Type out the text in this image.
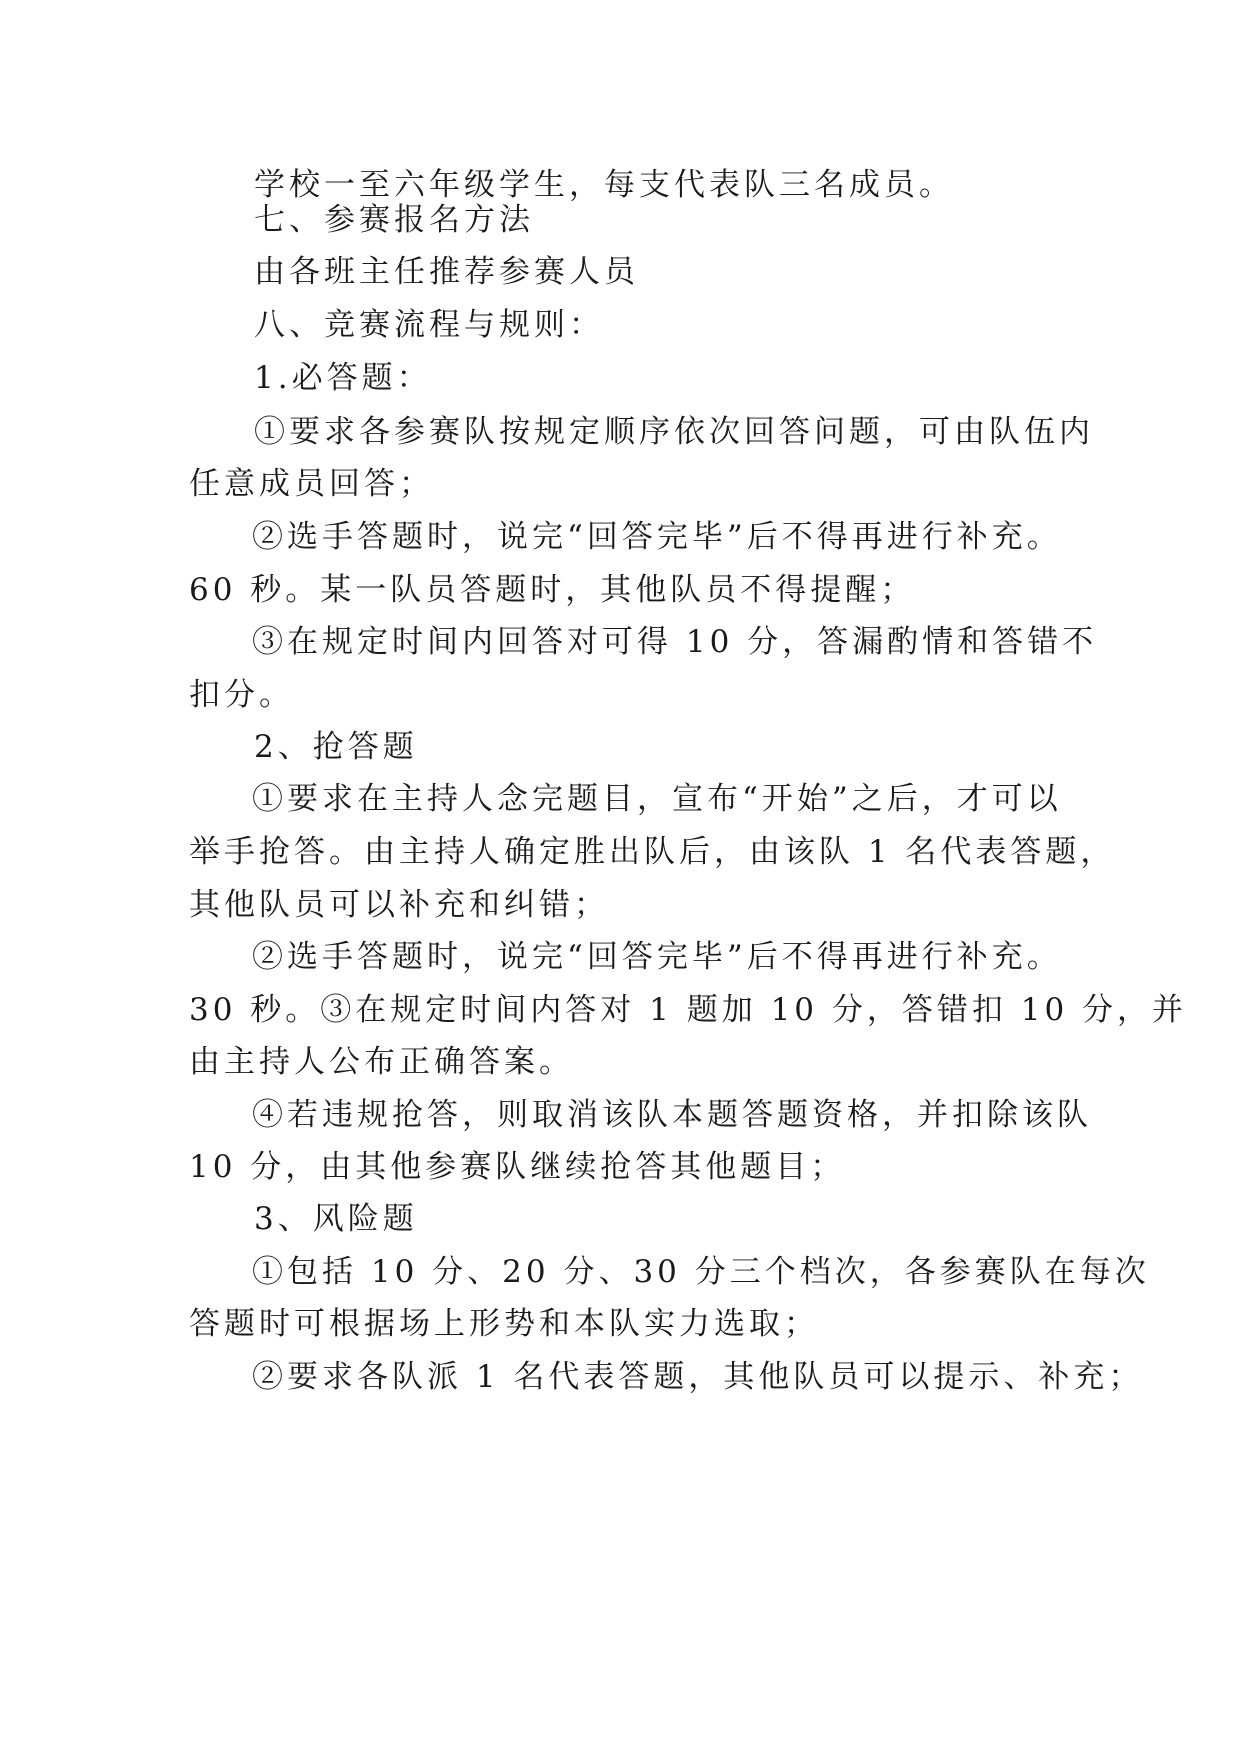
学校一至六年级学生，每支代表队三名成员。
七、参赛报名方法
由各班主任推荐参赛人员
八、竞赛流程与规则：
1.必答题：
①要求各参赛队按规定顺序依次回答问题，可由队伍内
任意成员回答；
②选手答题时，说完“回答完毕”后不得再进行补充。
60 秒。某一队员答题时，其他队员不得提醒；
③在规定时间内回答对可得 10 分，答漏酌情和答错不
扣分。
2、抢答题
①要求在主持人念完题目，宣布“开始”之后，才可以
举手抢答。由主持人确定胜出队后，由该队 1 名代表答题，
其他队员可以补充和纠错；
②选手答题时，说完“回答完毕”后不得再进行补充。
30 秒。③在规定时间内答对 1 题加 10 分，答错扣 10 分，并
由主持人公布正确答案。
④若违规抢答，则取消该队本题答题资格，并扣除该队
10 分，由其他参赛队继续抢答其他题目；
3、风险题
①包括 10 分、20 分、30 分三个档次，各参赛队在每次
答题时可根据场上形势和本队实力选取；
②要求各队派 1 名代表答题，其他队员可以提示、补充；
